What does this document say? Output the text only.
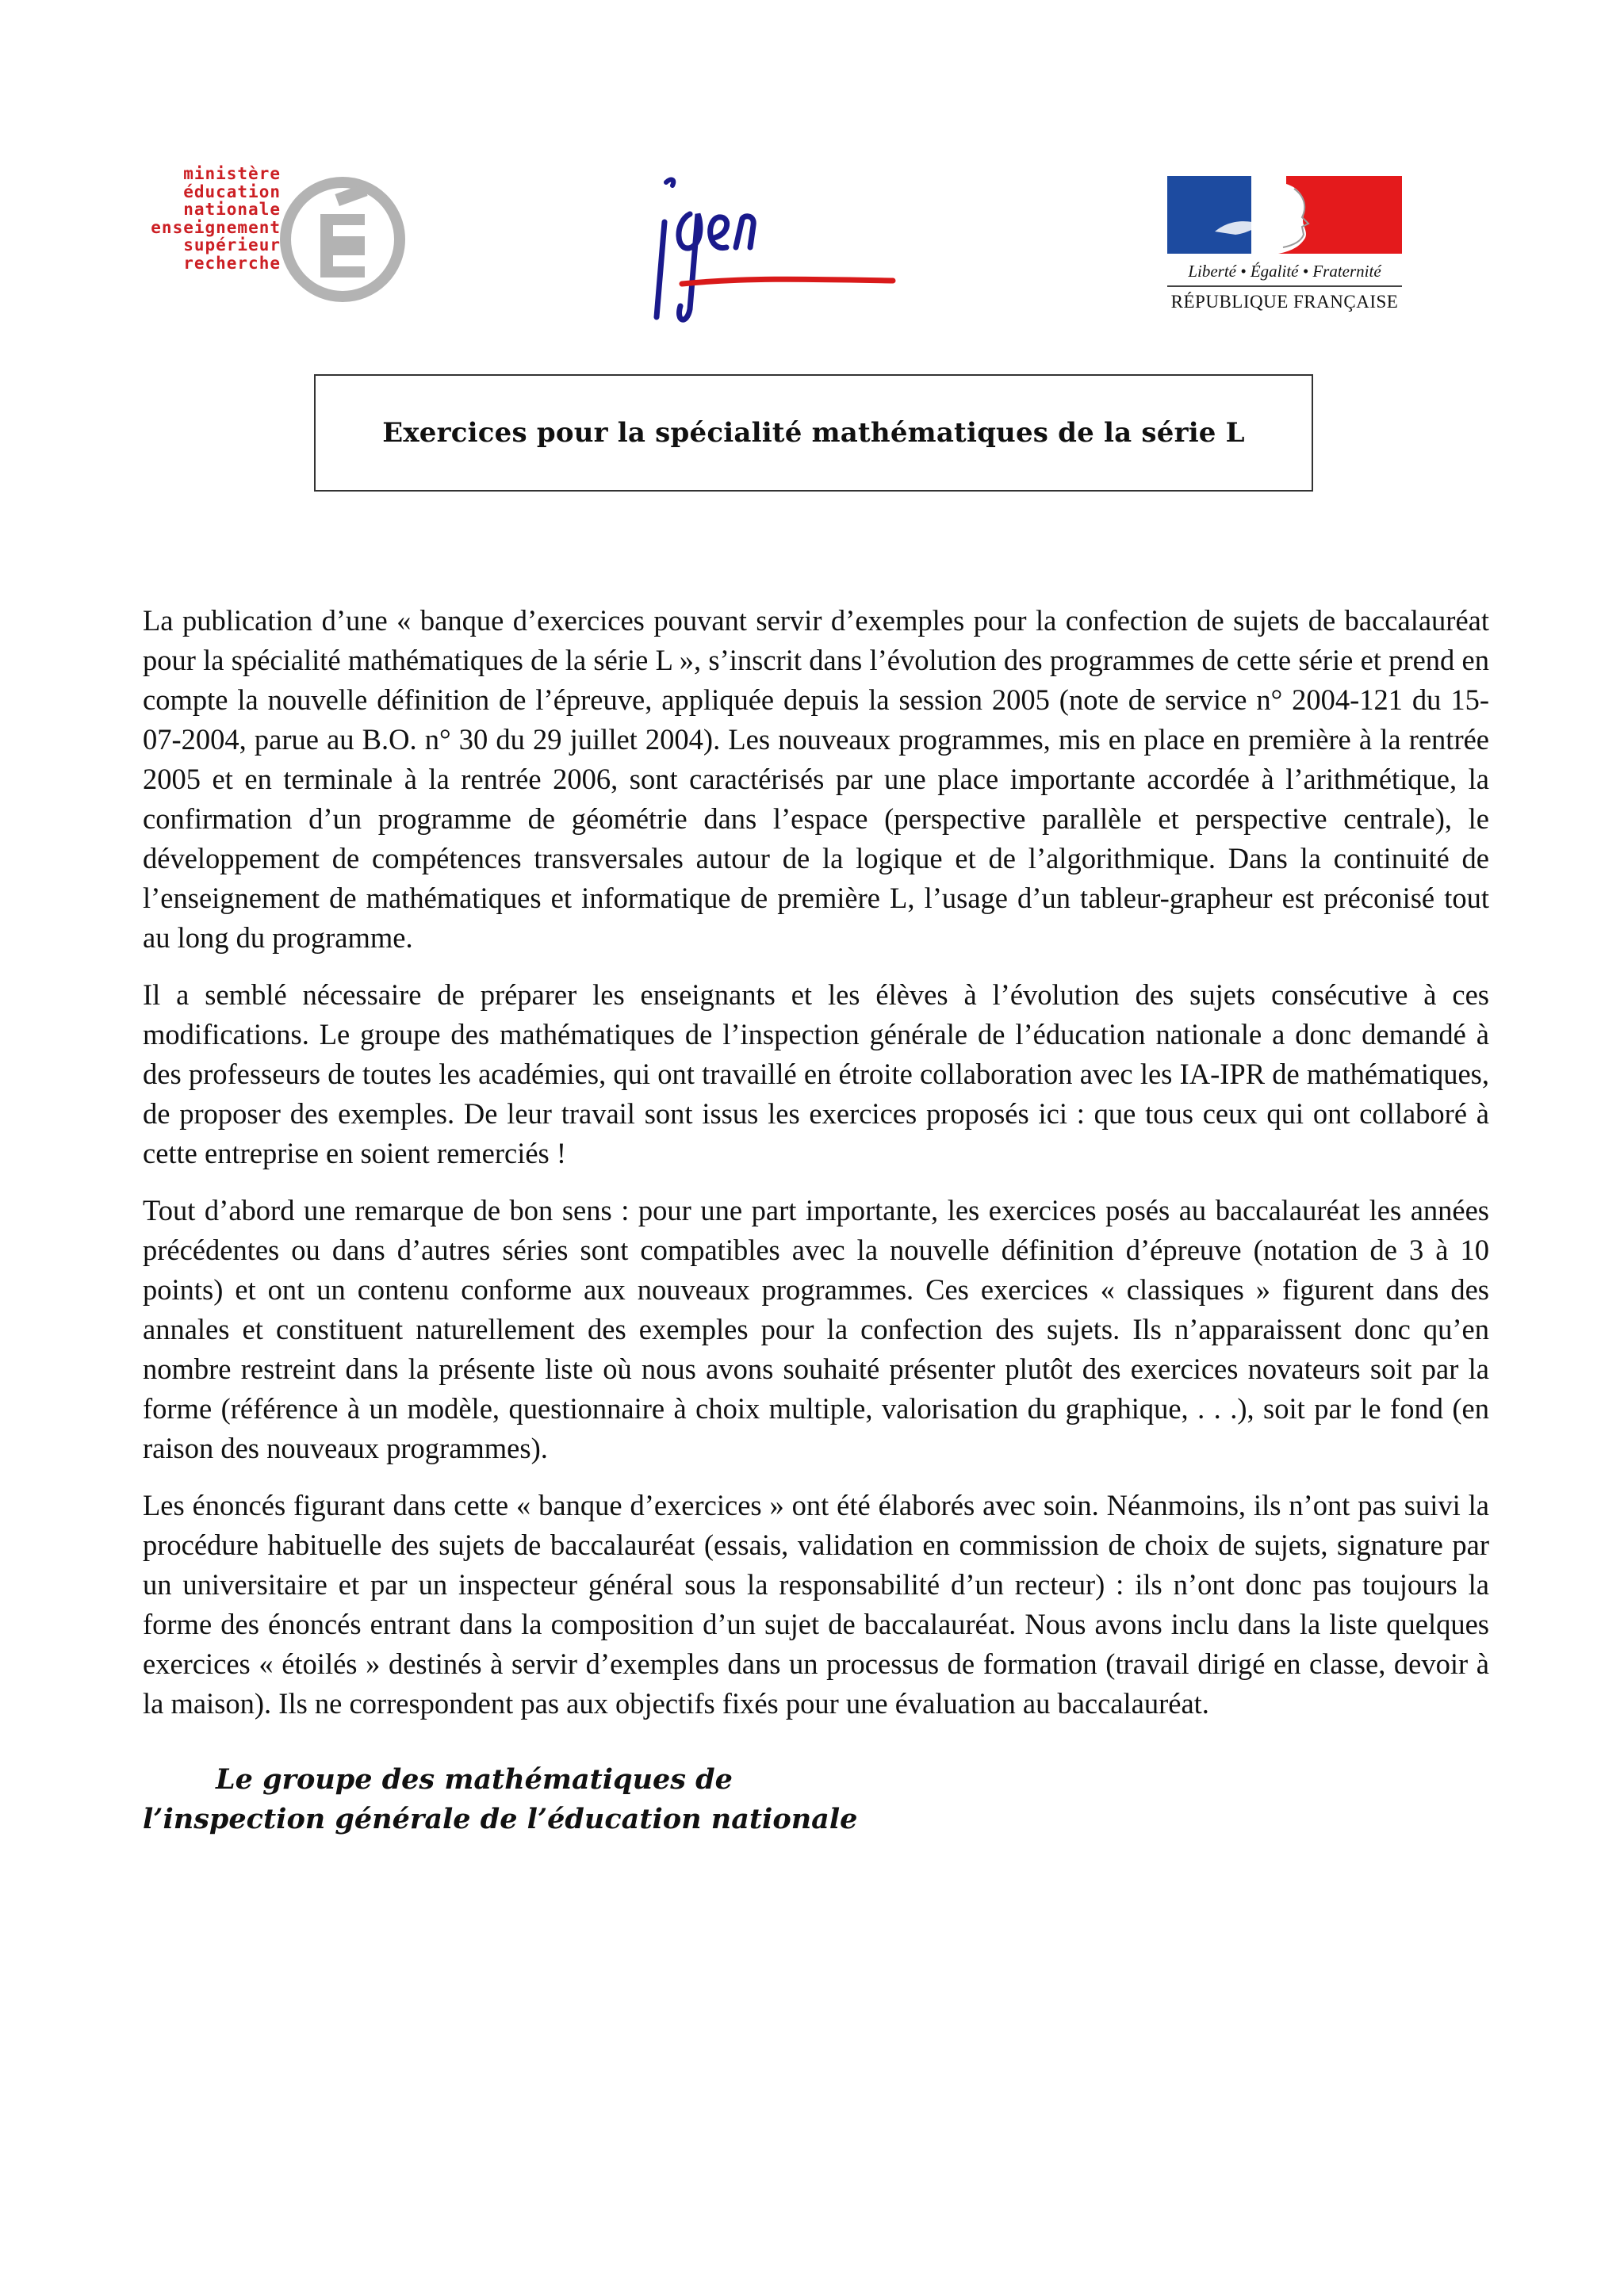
ministère
éducation
nationale
enseignement
supérieur
recherche	Liberté • Égalité • Fraternité
RÉPUBLIQUE FRANÇAISE
Exercices pour la spécialité mathématiques de la série L

La publication d’une « banque d’exercices pouvant servir d’exemples pour la confection de sujets de baccalauréat pour la spécialité mathématiques de la série L », s’inscrit dans l’évolution des programmes de cette série et prend en compte la nouvelle définition de l’épreuve, appliquée depuis la session 2005 (note de service n° 2004-121 du 15-07-2004, parue au B.O. n° 30 du 29 juillet 2004). Les nouveaux programmes, mis en place en première à la rentrée 2005 et en terminale à la rentrée 2006, sont caractérisés par une place importante accordée à l’arithmétique, la confirmation d’un programme de géométrie dans l’espace (perspective parallèle et perspective centrale), le développement de compétences transversales autour de la logique et de l’algorithmique. Dans la continuité de l’enseignement de mathématiques et informatique de première L, l’usage d’un tableur-grapheur est préconisé tout au long du programme.

Il a semblé nécessaire de préparer les enseignants et les élèves à l’évolution des sujets consécutive à ces modifications. Le groupe des mathématiques de l’inspection générale de l’éducation nationale a donc demandé à des professeurs de toutes les académies, qui ont travaillé en étroite collaboration avec les IA-IPR de mathématiques, de proposer des exemples. De leur travail sont issus les exercices proposés ici : que tous ceux qui ont collaboré à cette entreprise en soient remerciés !

Tout d’abord une remarque de bon sens : pour une part importante, les exercices posés au baccalauréat les années précédentes ou dans d’autres séries sont compatibles avec la nouvelle définition d’épreuve (notation de 3 à 10 points) et ont un contenu conforme aux nouveaux programmes. Ces exercices « classiques » figurent dans des annales et constituent naturellement des exemples pour la confection des sujets. Ils n’apparaissent donc qu’en nombre restreint dans la présente liste où nous avons souhaité présenter plutôt des exercices novateurs soit par la forme (référence à un modèle, questionnaire à choix multiple, valorisation du graphique, . . .), soit par le fond (en raison des nouveaux programmes).

Les énoncés figurant dans cette « banque d’exercices » ont été élaborés avec soin. Néanmoins, ils n’ont pas suivi la procédure habituelle des sujets de baccalauréat (essais, validation en commission de choix de sujets, signature par un universitaire et par un inspecteur général sous la responsabilité d’un recteur) : ils n’ont donc pas toujours la forme des énoncés entrant dans la composition d’un sujet de baccalauréat. Nous avons inclu dans la liste quelques exercices « étoilés » destinés à servir d’exemples dans un processus de formation (travail dirigé en classe, devoir à la maison). Ils ne correspondent pas aux objectifs fixés pour une évaluation au baccalauréat.

Le groupe des mathématiques de
l’inspection générale de l’éducation nationale
